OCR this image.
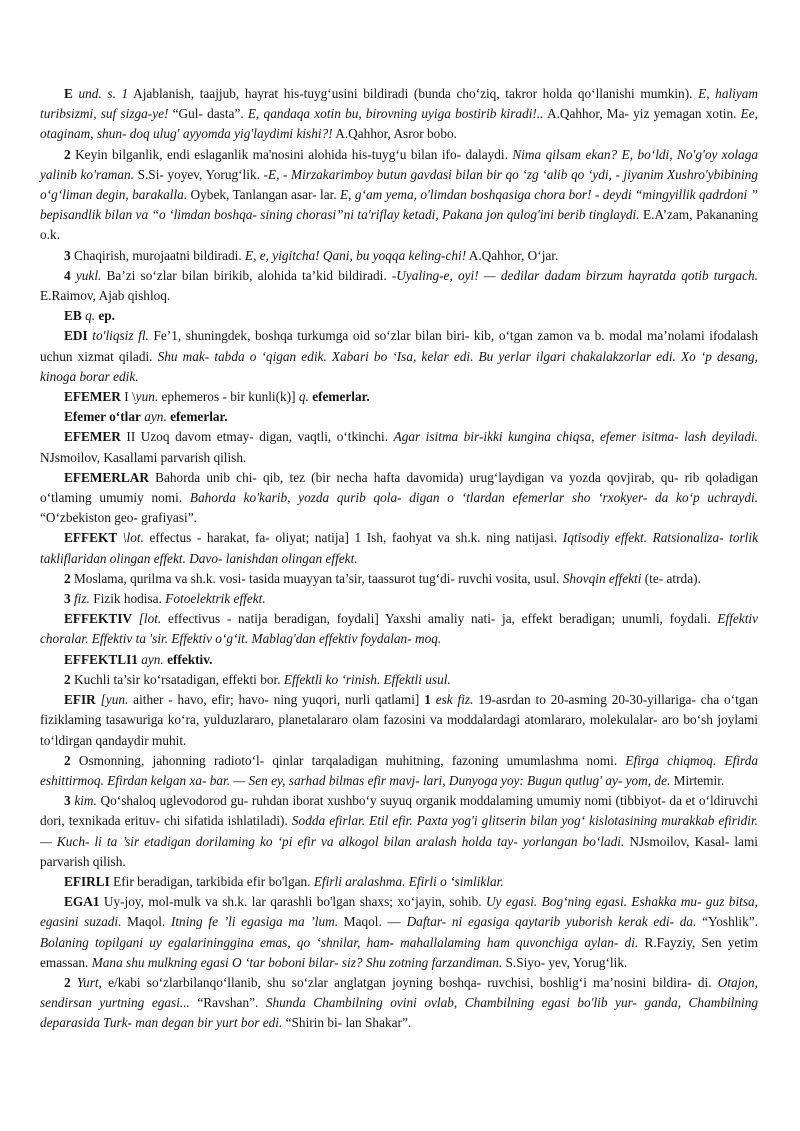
E und. s. 1 Ajablanish, taajjub, hayrat his-tuyg‘usini bildiradi (bunda cho‘ziq, takror holda qo‘llanishi mumkin). E, haliyam turibsizmi, suf sizga-ye! “Gul- dasta”. E, qandaqa xotin bu, birovning uyiga bostirib kiradi!.. A.Qahhor, Ma- yiz yemagan xotin. Ee, otaginam, shun- doq ulug' ayyomda yig'laydimi kishi?! A.Qahhor, Asror bobo.

2 Keyin bilganlik, endi eslaganlik ma'nosini alohida his-tuyg‘u bilan ifo- dalaydi. Nima qilsam ekan? E, bo‘ldi, No'g'oy xolaga yalinib ko'raman. S.Si- yoyev, Yorug‘lik. -E, - Mirzakarimboy butun gavdasi bilan bir qo ‘zg ‘alib qo ‘ydi, - jiyanim Xushro'ybibining o‘g‘liman degin, barakalla. Oybek, Tanlangan asar- lar. E, g‘am yema, o'limdan boshqasiga chora bor! - deydi “mingyillik qadrdoni ” bepisandlik bilan va “o ‘limdan boshqa- sining chorasi”ni ta'riflay ketadi, Pakana jon qulog'ini berib tinglaydi. E.A’zam, Pakananing o.k.

3 Chaqirish, murojaatni bildiradi. E, e, yigitcha! Qani, bu yoqqa keling-chi! A.Qahhor, O‘jar.

4 yukl. Ba’zi so‘zlar bilan birikib, alohida ta’kid bildiradi. -Uyaling-e, oyi! — dedilar dadam birzum hayratda qotib turgach. E.Raimov, Ajab qishloq.

EB q. ep.

EDI to'liqsiz fl. Fe’1, shuningdek, boshqa turkumga oid so‘zlar bilan biri- kib, o‘tgan zamon va b. modal ma’nolami ifodalash uchun xizmat qiladi. Shu mak- tabda o ‘qigan edik. Xabari bo ‘Isa, kelar edi. Bu yerlar ilgari chakalakzorlar edi. Xo ‘p desang, kinoga borar edik.

EFEMER I \yun. ephemeros - bir kunli(k)] q. efemerlar.

Efemer o‘tlar ayn. efemerlar.

EFEMER II Uzoq davom etmay- digan, vaqtli, o‘tkinchi. Agar isitma bir-ikki kungina chiqsa, efemer isitma- lash deyiladi. NJsmoilov, Kasallami parvarish qilish.

EFEMERLAR Bahorda unib chi- qib, tez (bir necha hafta davomida) urug‘laydigan va yozda qovjirab, qu- rib qoladigan o‘tlaming umumiy nomi. Bahorda ko'karib, yozda qurib qola- digan o ‘tlardan efemerlar sho ‘rxokyer- da ko‘p uchraydi. “O‘zbekiston geo- grafiyasi”.

EFFEKT \lot. effectus - harakat, fa- oliyat; natija] 1 Ish, faohyat va sh.k. ning natijasi. Iqtisodiy effekt. Ratsionaliza- torlik takliflaridan olingan effekt. Davo- lanishdan olingan effekt.

2 Moslama, qurilma va sh.k. vosi- tasida muayyan ta’sir, taassurot tug‘di- ruvchi vosita, usul. Shovqin effekti (te- atrda).

3 fiz. Fizik hodisa. Fotoelektrik effekt.

EFFEKTIV [lot. effectivus - natija beradigan, foydali] Yaxshi amaliy nati- ja, effekt beradigan; unumli, foydali. Effektiv choralar. Effektiv ta 'sir. Effektiv o‘g‘it. Mablag'dan effektiv foydalan- moq.

EFFEKTLI1 ayn. effektiv.

2 Kuchli ta’sir ko‘rsatadigan, effekti bor. Effektli ko ‘rinish. Effektli usul.

EFIR [yun. aither - havo, efir; havo- ning yuqori, nurli qatlami] 1 esk fiz. 19-asrdan to 20-asming 20-30-yillariga- cha o‘tgan fiziklaming tasawuriga ko‘ra, yulduzlararo, planetalararo olam fazosini va moddalardagi atomlararo, molekulalar- aro bo‘sh joylami to‘ldirgan qandaydir muhit.

2 Osmonning, jahonning radioto‘l- qinlar tarqaladigan muhitning, fazoning umumlashma nomi. Efirga chiqmoq. Efirda eshittirmoq. Efirdan kelgan xa- bar. — Sen ey, sarhad bilmas efir mavj- lari, Dunyoga yoy: Bugun qutlug' ay- yom, de. Mirtemir.

3 kim. Qo‘shaloq uglevodorod gu- ruhdan iborat xushbo‘y suyuq organik moddalaming umumiy nomi (tibbiyot- da et o‘ldiruvchi dori, texnikada erituv- chi sifatida ishlatiladi). Sodda efirlar. Etil efir. Paxta yog'i glitserin bilan yog‘ kislotasining murakkab efiridir. — Kuch- li ta ’sir etadigan dorilaming ko ‘pi efir va alkogol bilan aralash holda tay- yorlangan bo‘ladi. NJsmoilov, Kasal- lami parvarish qilish.

EFIRLI Efir beradigan, tarkibida efir bo'lgan. Efirli aralashma. Efirli o ‘simliklar.

EGA1 Uy-joy, mol-mulk va sh.k. lar qarashli bo'lgan shaxs; xo‘jayin, sohib. Uy egasi. Bog‘ning egasi. Eshakka mu- guz bitsa, egasini suzadi. Maqol. Itning fe ’li egasiga ma ’lum. Maqol. — Daftar- ni egasiga qaytarib yuborish kerak edi- da. “Yoshlik”. Bolaning topilgani uy egalarininggina emas, qo ‘shnilar, ham- mahallalaming ham quvonchiga aylan- di. R.Fayziy, Sen yetim emassan. Mana shu mulkning egasi O ‘tar boboni bilar- siz? Shu zotning farzandiman. S.Siyo- yev, Yorug‘lik.

2 Yurt, e/kabi so‘zlarbilanqo‘llanib, shu so‘zlar anglatgan joyning boshqa- ruvchisi, boshlig‘i ma’nosini bildira- di. Otajon, sendirsan yurtning egasi... “Ravshan”. Shunda Chambilning ovini ovlab, Chambilning egasi bo'lib yur- ganda, Chambilning deparasida Turk- man degan bir yurt bor edi. “Shirin bi- lan Shakar”.
